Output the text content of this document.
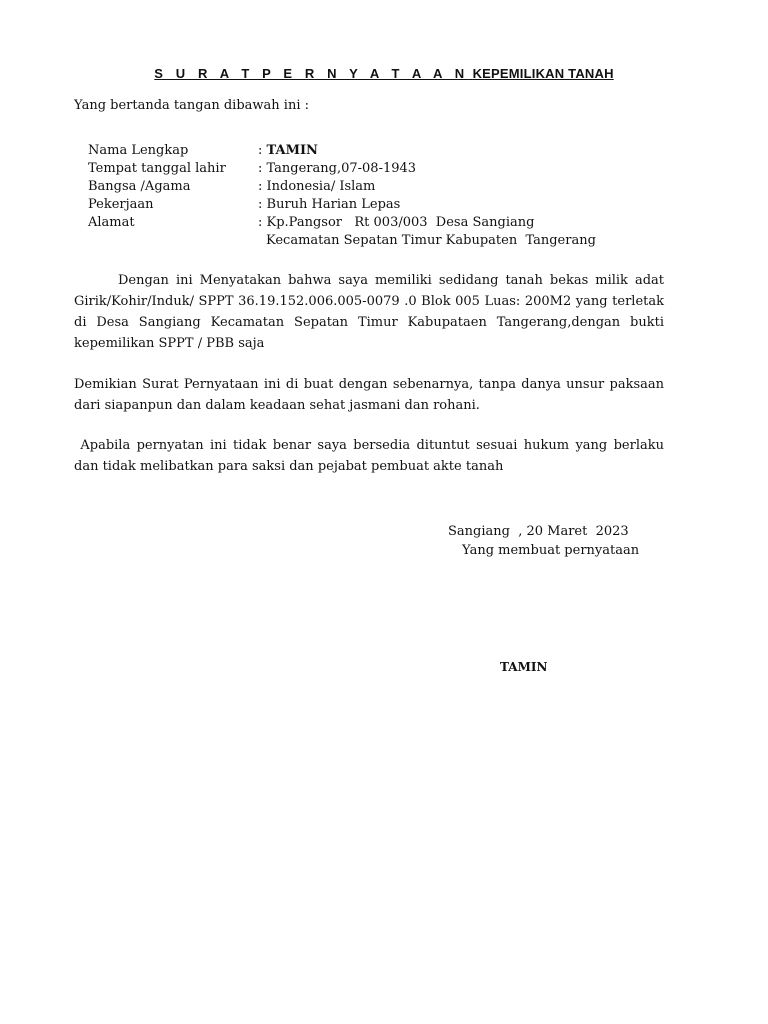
S U R A T P E R N Y A T A A N KEPEMILIKAN TANAH
Yang bertanda tangan dibawah ini :
Nama Lengkap	: TAMIN
Tempat tanggal lahir	: Tangerang,07-08-1943
Bangsa /Agama	: Indonesia/ Islam
Pekerjaan	: Buruh Harian Lepas
Alamat	: Kp.Pangsor   Rt 003/003  Desa Sangiang
Kecamatan Sepatan Timur Kabupaten  Tangerang
Dengan ini Menyatakan bahwa saya memiliki sedidang tanah bekas milik adat Girik/Kohir/Induk/ SPPT 36.19.152.006.005-0079 .0 Blok 005 Luas: 200M2 yang terletak di Desa Sangiang Kecamatan Sepatan Timur Kabupataen Tangerang,dengan bukti kepemilikan SPPT / PBB saja
Demikian Surat Pernyataan ini di buat dengan sebenarnya, tanpa danya unsur paksaan dari siapanpun dan dalam keadaan sehat jasmani dan rohani.
Apabila pernyatan ini tidak benar saya bersedia dituntut sesuai hukum yang berlaku dan tidak melibatkan para saksi dan pejabat pembuat akte tanah
Sangiang  , 20 Maret  2023
Yang membuat pernyataan
TAMIN
